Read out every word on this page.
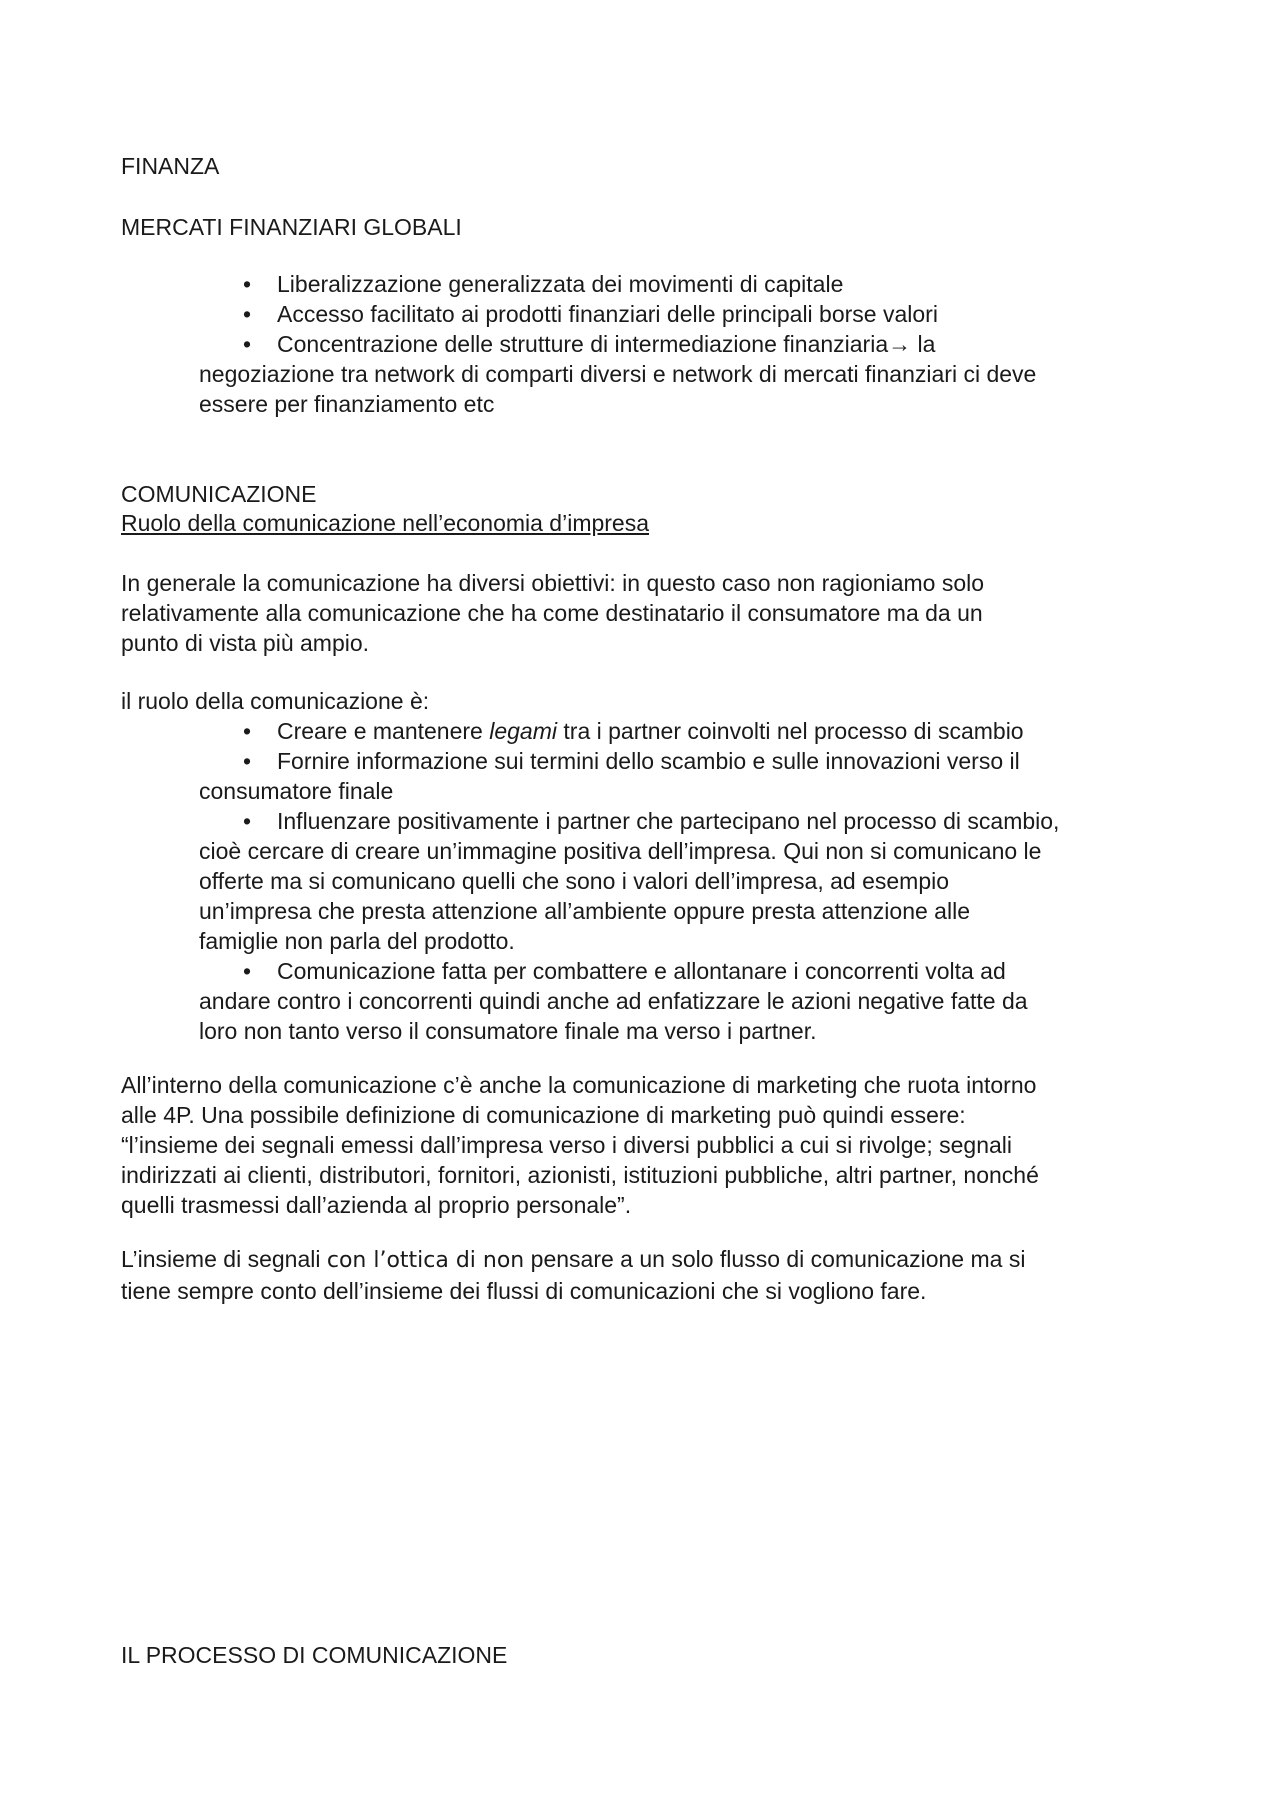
FINANZA
MERCATI FINANZIARI GLOBALI
•	Liberalizzazione generalizzata dei movimenti di capitale
•	Accesso facilitato ai prodotti finanziari delle principali borse valori
•	Concentrazione delle strutture di intermediazione finanziaria→ la
negoziazione tra network di comparti diversi e network di mercati finanziari ci deve
essere per finanziamento etc
COMUNICAZIONE
Ruolo della comunicazione nell’economia d’impresa
In generale la comunicazione ha diversi obiettivi: in questo caso non ragioniamo solo
relativamente alla comunicazione che ha come destinatario il consumatore ma da un
punto di vista più ampio.
il ruolo della comunicazione è:
•	Creare e mantenere legami tra i partner coinvolti nel processo di scambio
•	Fornire informazione sui termini dello scambio e sulle innovazioni verso il
consumatore finale
•	Influenzare positivamente i partner che partecipano nel processo di scambio,
cioè cercare di creare un’immagine positiva dell’impresa. Qui non si comunicano le
offerte ma si comunicano quelli che sono i valori dell’impresa, ad esempio
un’impresa che presta attenzione all’ambiente oppure presta attenzione alle
famiglie non parla del prodotto.
•	Comunicazione fatta per combattere e allontanare i concorrenti volta ad
andare contro i concorrenti quindi anche ad enfatizzare le azioni negative fatte da
loro non tanto verso il consumatore finale ma verso i partner.
All’interno della comunicazione c’è anche la comunicazione di marketing che ruota intorno
alle 4P. Una possibile definizione di comunicazione di marketing può quindi essere:
“l’insieme dei segnali emessi dall’impresa verso i diversi pubblici a cui si rivolge; segnali
indirizzati ai clienti, distributori, fornitori, azionisti, istituzioni pubbliche, altri partner, nonché
quelli trasmessi dall’azienda al proprio personale”.
L’insieme di segnali con l’ottica di non pensare a un solo flusso di comunicazione ma si
tiene sempre conto dell’insieme dei flussi di comunicazioni che si vogliono fare.
IL PROCESSO DI COMUNICAZIONE
